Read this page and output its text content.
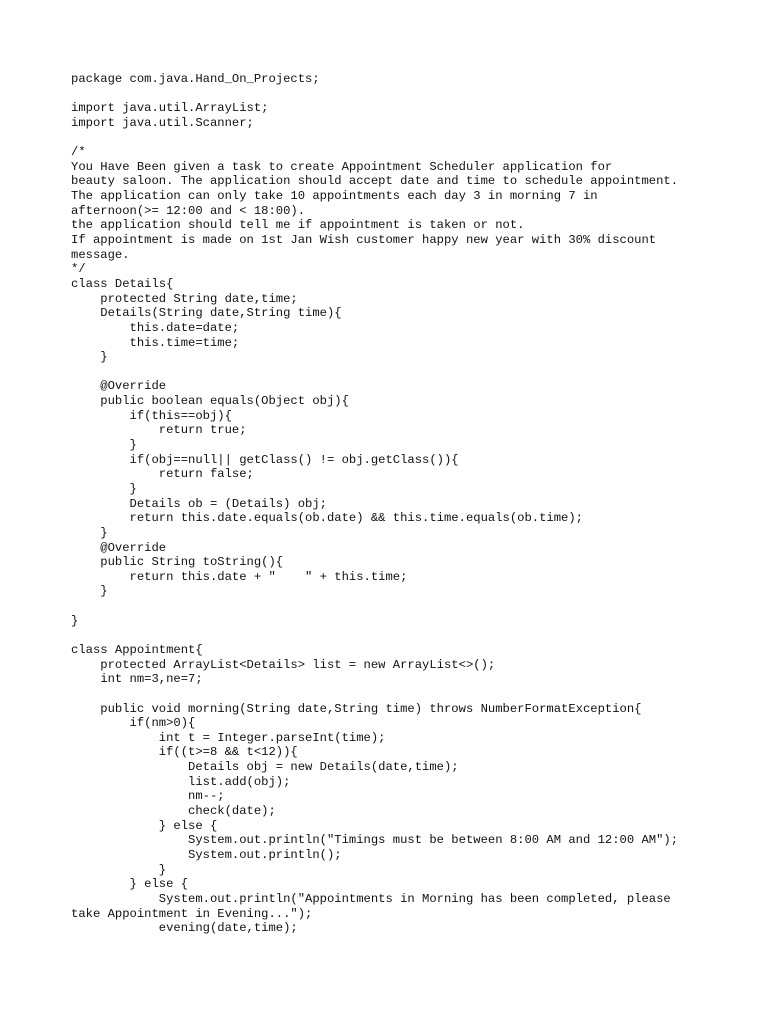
package com.java.Hand_On_Projects;
import java.util.ArrayList;
import java.util.Scanner;
/*
You Have Been given a task to create Appointment Scheduler application for
beauty saloon. The application should accept date and time to schedule appointment.
The application can only take 10 appointments each day 3 in morning 7 in
afternoon(>= 12:00 and < 18:00).
the application should tell me if appointment is taken or not.
If appointment is made on 1st Jan Wish customer happy new year with 30% discount
message.
*/
class Details{
protected String date,time;
Details(String date,String time){
this.date=date;
this.time=time;
}
@Override
public boolean equals(Object obj){
if(this==obj){
return true;
}
if(obj==null|| getClass() != obj.getClass()){
return false;
}
Details ob = (Details) obj;
return this.date.equals(ob.date) && this.time.equals(ob.time);
}
@Override
public String toString(){
return this.date + "    " + this.time;
}
}
class Appointment{
protected ArrayList<Details> list = new ArrayList<>();
int nm=3,ne=7;
public void morning(String date,String time) throws NumberFormatException{
if(nm>0){
int t = Integer.parseInt(time);
if((t>=8 && t<12)){
Details obj = new Details(date,time);
list.add(obj);
nm--;
check(date);
} else {
System.out.println("Timings must be between 8:00 AM and 12:00 AM");
System.out.println();
}
} else {
System.out.println("Appointments in Morning has been completed, please
take Appointment in Evening...");
evening(date,time);
